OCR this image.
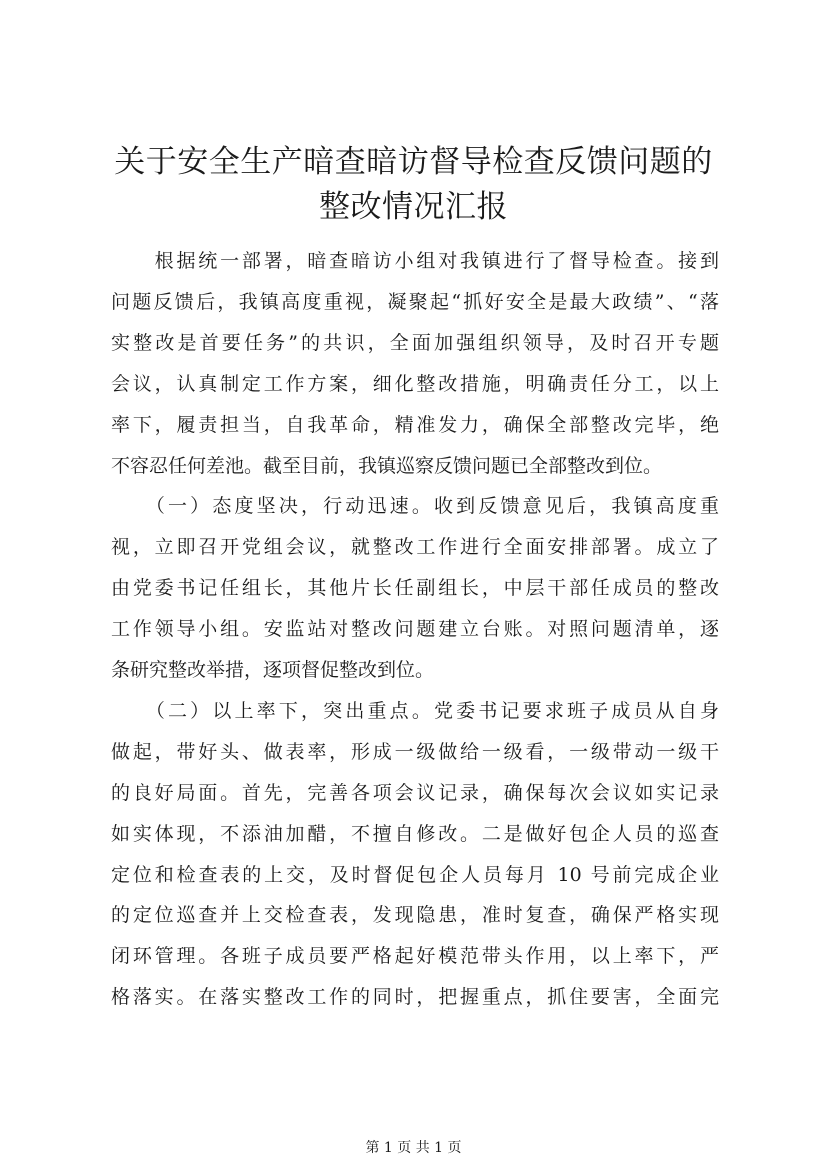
关于安全生产暗查暗访督导检查反馈问题的整改情况汇报

　　根据统一部署，暗查暗访小组对我镇进行了督导检查。接到

问题反馈后，我镇高度重视，凝聚起“抓好安全是最大政绩”、“落

实整改是首要任务”的共识，全面加强组织领导，及时召开专题

会议，认真制定工作方案，细化整改措施，明确责任分工，以上

率下，履责担当，自我革命，精准发力，确保全部整改完毕，绝

不容忍任何差池。截至目前，我镇巡察反馈问题已全部整改到位。

　　（一）态度坚决，行动迅速。收到反馈意见后，我镇高度重

视，立即召开党组会议，就整改工作进行全面安排部署。成立了

由党委书记任组长，其他片长任副组长，中层干部任成员的整改

工作领导小组。安监站对整改问题建立台账。对照问题清单，逐

条研究整改举措，逐项督促整改到位。

　　（二）以上率下，突出重点。党委书记要求班子成员从自身

做起，带好头、做表率，形成一级做给一级看，一级带动一级干

的良好局面。首先，完善各项会议记录，确保每次会议如实记录

如实体现，不添油加醋，不擅自修改。二是做好包企人员的巡查

定位和检查表的上交，及时督促包企人员每月 10 号前完成企业

的定位巡查并上交检查表，发现隐患，准时复查，确保严格实现

闭环管理。各班子成员要严格起好模范带头作用，以上率下，严

格落实。在落实整改工作的同时，把握重点，抓住要害，全面完

第 1 页 共 1 页
